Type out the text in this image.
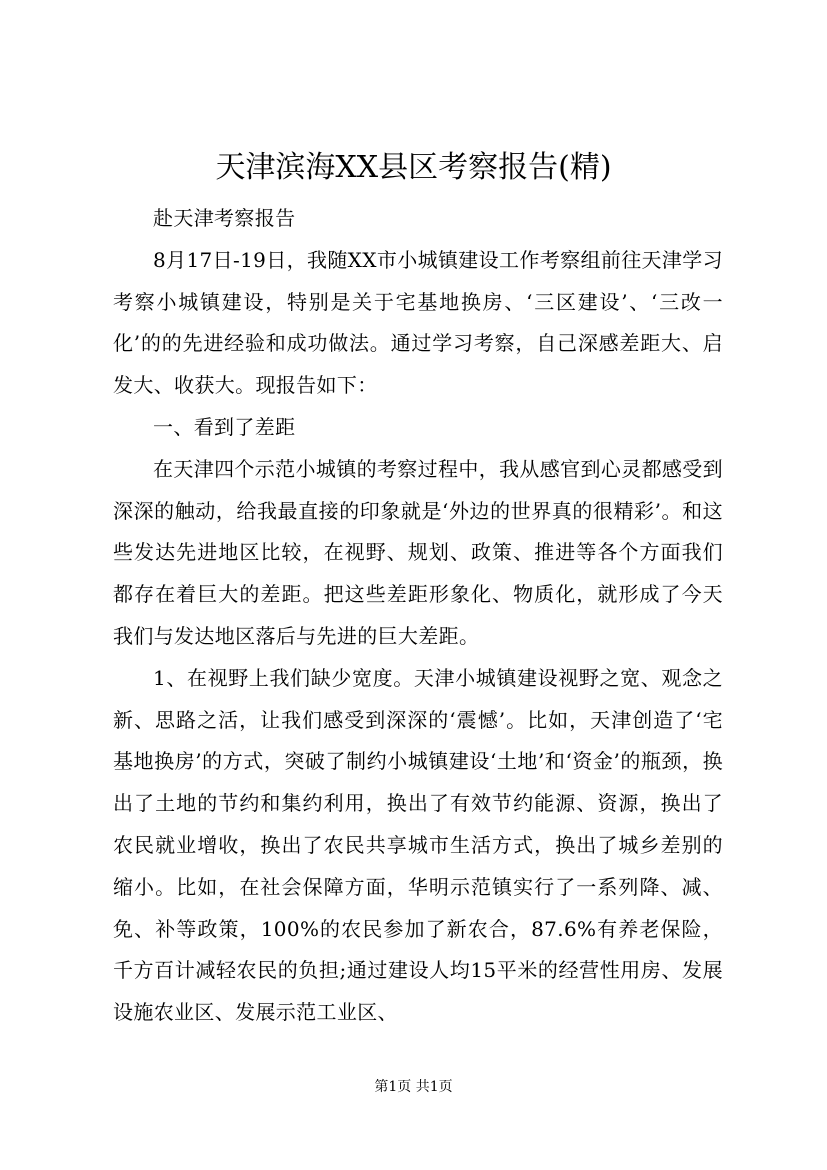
天津滨海XX县区考察报告(精)

赴天津考察报告

8月17日-19日，我随XX市小城镇建设工作考察组前往天津学习考察小城镇建设，特别是关于宅基地换房、‘三区建设’、‘三改一化’的的先进经验和成功做法。通过学习考察，自己深感差距大、启发大、收获大。现报告如下：

一、看到了差距

在天津四个示范小城镇的考察过程中，我从感官到心灵都感受到深深的触动，给我最直接的印象就是‘外边的世界真的很精彩’。和这些发达先进地区比较，在视野、规划、政策、推进等各个方面我们都存在着巨大的差距。把这些差距形象化、物质化，就形成了今天我们与发达地区落后与先进的巨大差距。

1、在视野上我们缺少宽度。天津小城镇建设视野之宽、观念之新、思路之活，让我们感受到深深的‘震憾’。比如，天津创造了‘宅基地换房’的方式，突破了制约小城镇建设‘土地’和‘资金’的瓶颈，换出了土地的节约和集约利用，换出了有效节约能源、资源，换出了农民就业增收，换出了农民共享城市生活方式，换出了城乡差别的缩小。比如，在社会保障方面，华明示范镇实行了一系列降、减、免、补等政策，100%的农民参加了新农合，87.6%有养老保险，千方百计减轻农民的负担;通过建设人均15平米的经营性用房、发展设施农业区、发展示范工业区、

第1页 共1页
